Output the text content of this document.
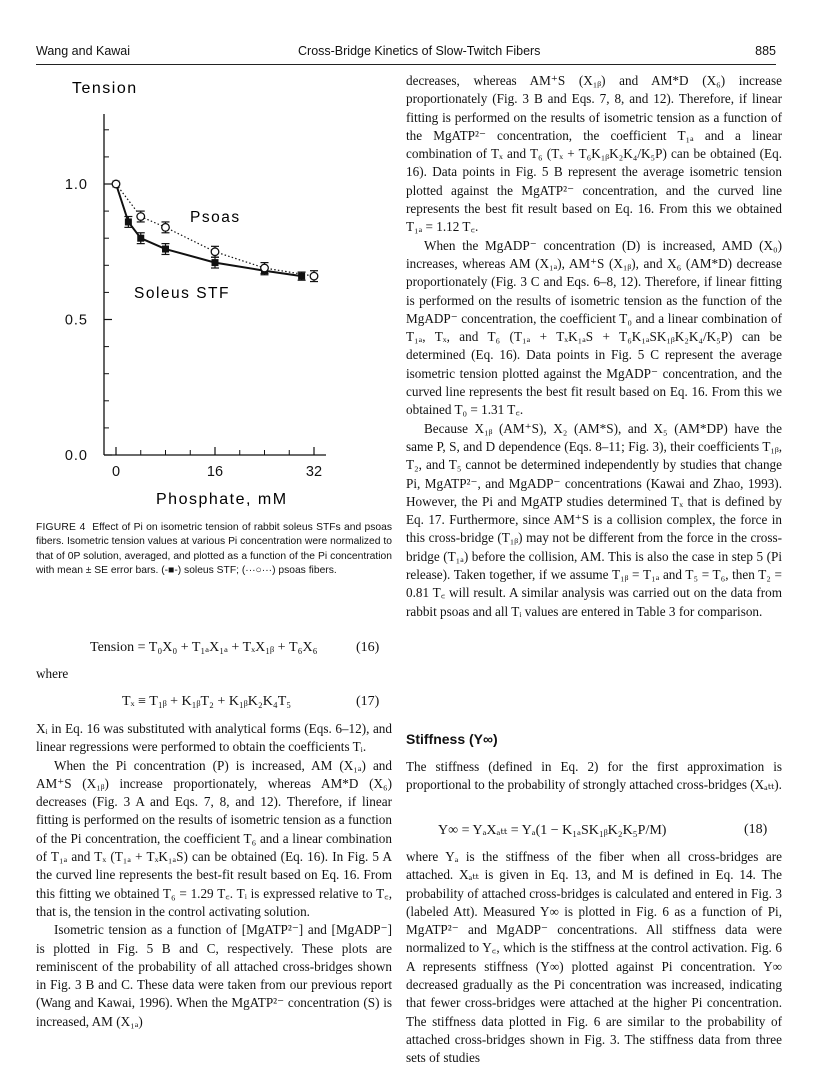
Wang and Kawai	Cross-Bridge Kinetics of Slow-Twitch Fibers	885
Tension
Phosphate, mM
Psoas
Soleus STF
0.0
0.5
1.0
0	16	32
FIGURE 4 Effect of Pi on isometric tension of rabbit soleus STFs and psoas fibers. Isometric tension values at various Pi concentration were normalized to that of 0P solution, averaged, and plotted as a function of the Pi concentration with mean ± SE error bars. (-■-) soleus STF; (···○···) psoas fibers.
Tension = T₀X₀ + T₁ₐX₁ₐ + TₓX₁ᵦ + T₆X₆	(16)
where
Tₓ ≡ T₁ᵦ + K₁ᵦT₂ + K₁ᵦK₂K₄T₅	(17)

Xᵢ in Eq. 16 was substituted with analytical forms (Eqs. 6–12), and linear regressions were performed to obtain the coefficients Tᵢ.

When the Pi concentration (P) is increased, AM (X₁ₐ) and AM⁺S (X₁ᵦ) increase proportionately, whereas AM*D (X₆) decreases (Fig. 3 A and Eqs. 7, 8, and 12). Therefore, if linear fitting is performed on the results of isometric tension as a function of the Pi concentration, the coefficient T₆ and a linear combination of T₁ₐ and Tₓ (T₁ₐ + TₓK₁ₐS) can be obtained (Eq. 16). In Fig. 5 A the curved line represents the best-fit result based on Eq. 16. From this fitting we obtained T₆ = 1.29 T꜀. Tᵢ is expressed relative to T꜀, that is, the tension in the control activating solution.

Isometric tension as a function of [MgATP²⁻] and [MgADP⁻] is plotted in Fig. 5 B and C, respectively. These plots are reminiscent of the probability of all attached cross-bridges shown in Fig. 3 B and C. These data were taken from our previous report (Wang and Kawai, 1996). When the MgATP²⁻ concentration (S) is increased, AM (X₁ₐ)

decreases, whereas AM⁺S (X₁ᵦ) and AM*D (X₆) increase proportionately (Fig. 3 B and Eqs. 7, 8, and 12). Therefore, if linear fitting is performed on the results of isometric tension as a function of the MgATP²⁻ concentration, the coefficient T₁ₐ and a linear combination of Tₓ and T₆ (Tₓ + T₆K₁ᵦK₂K₄/K₅P) can be obtained (Eq. 16). Data points in Fig. 5 B represent the average isometric tension plotted against the MgATP²⁻ concentration, and the curved line represents the best fit result based on Eq. 16. From this we obtained T₁ₐ = 1.12 T꜀.

When the MgADP⁻ concentration (D) is increased, AMD (X₀) increases, whereas AM (X₁ₐ), AM⁺S (X₁ᵦ), and X₆ (AM*D) decrease proportionately (Fig. 3 C and Eqs. 6–8, 12). Therefore, if linear fitting is performed on the results of isometric tension as the function of the MgADP⁻ concentration, the coefficient T₀ and a linear combination of T₁ₐ, Tₓ, and T₆ (T₁ₐ + TₓK₁ₐS + T₆K₁ₐSK₁ᵦK₂K₄/K₅P) can be determined (Eq. 16). Data points in Fig. 5 C represent the average isometric tension plotted against the MgADP⁻ concentration, and the curved line represents the best fit result based on Eq. 16. From this we obtained T₀ = 1.31 T꜀.

Because X₁ᵦ (AM⁺S), X₂ (AM*S), and X₅ (AM*DP) have the same P, S, and D dependence (Eqs. 8–11; Fig. 3), their coefficients T₁ᵦ, T₂, and T₅ cannot be determined independently by studies that change Pi, MgATP²⁻, and MgADP⁻ concentrations (Kawai and Zhao, 1993). However, the Pi and MgATP studies determined Tₓ that is defined by Eq. 17. Furthermore, since AM⁺S is a collision complex, the force in this cross-bridge (T₁ᵦ) may not be different from the force in the cross-bridge (T₁ₐ) before the collision, AM. This is also the case in step 5 (Pi release). Taken together, if we assume T₁ᵦ = T₁ₐ and T₅ = T₆, then T₂ = 0.81 T꜀ will result. A similar analysis was carried out on the data from rabbit psoas and all Tᵢ values are entered in Table 3 for comparison.

Stiffness (Y∞)

The stiffness (defined in Eq. 2) for the first approximation is proportional to the probability of strongly attached cross-bridges (Xₐₜₜ).

Y∞ = YₐXₐₜₜ = Yₐ(1 − K₁ₐSK₁ᵦK₂K₅P/M)	(18)

where Yₐ is the stiffness of the fiber when all cross-bridges are attached. Xₐₜₜ is given in Eq. 13, and M is defined in Eq. 14. The probability of attached cross-bridges is calculated and entered in Fig. 3 (labeled Att). Measured Y∞ is plotted in Fig. 6 as a function of Pi, MgATP²⁻ and MgADP⁻ concentrations. All stiffness data were normalized to Y꜀, which is the stiffness at the control activation. Fig. 6 A represents stiffness (Y∞) plotted against Pi concentration. Y∞ decreased gradually as the Pi concentration was increased, indicating that fewer cross-bridges were attached at the higher Pi concentration. The stiffness data plotted in Fig. 6 are similar to the probability of attached cross-bridges shown in Fig. 3. The stiffness data from three sets of studies
